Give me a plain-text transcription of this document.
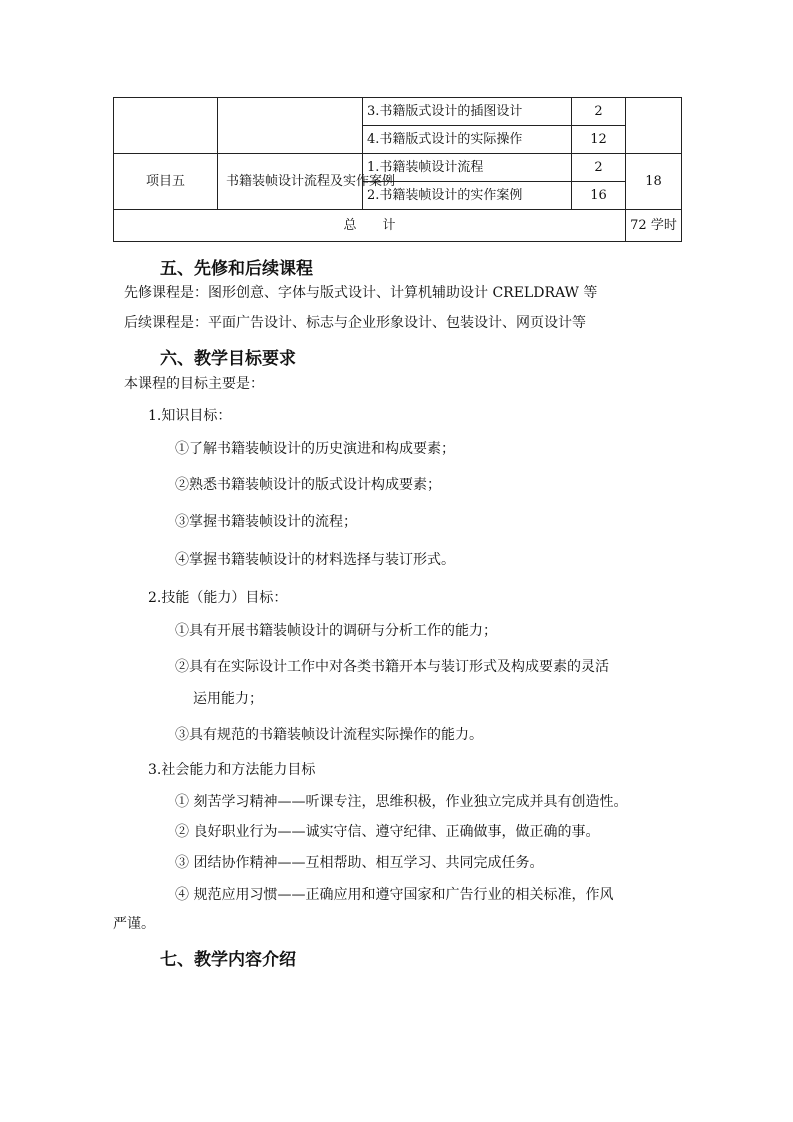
		3.书籍版式设计的插图设计	2	
		4.书籍版式设计的实际操作	12	
项目五	书籍装帧设计流程及实作案例	1.书籍装帧设计流程	2	18
		2.书籍装帧设计的实作案例	16	
总　　计				72 学时
五、先修和后续课程
先修课程是：图形创意、字体与版式设计、计算机辅助设计 CRELDRAW 等
后续课程是：平面广告设计、标志与企业形象设计、包装设计、网页设计等
六、教学目标要求
本课程的目标主要是：
1.知识目标：
①了解书籍装帧设计的历史演进和构成要素；
②熟悉书籍装帧设计的版式设计构成要素；
③掌握书籍装帧设计的流程；
④掌握书籍装帧设计的材料选择与装订形式。
2.技能（能力）目标：
①具有开展书籍装帧设计的调研与分析工作的能力；
②具有在实际设计工作中对各类书籍开本与装订形式及构成要素的灵活
运用能力；
③具有规范的书籍装帧设计流程实际操作的能力。
3.社会能力和方法能力目标
① 刻苦学习精神——听课专注，思维积极，作业独立完成并具有创造性。
② 良好职业行为——诚实守信、遵守纪律、正确做事，做正确的事。
③ 团结协作精神——互相帮助、相互学习、共同完成任务。
④ 规范应用习惯——正确应用和遵守国家和广告行业的相关标准，作风
严谨。
七、教学内容介绍
